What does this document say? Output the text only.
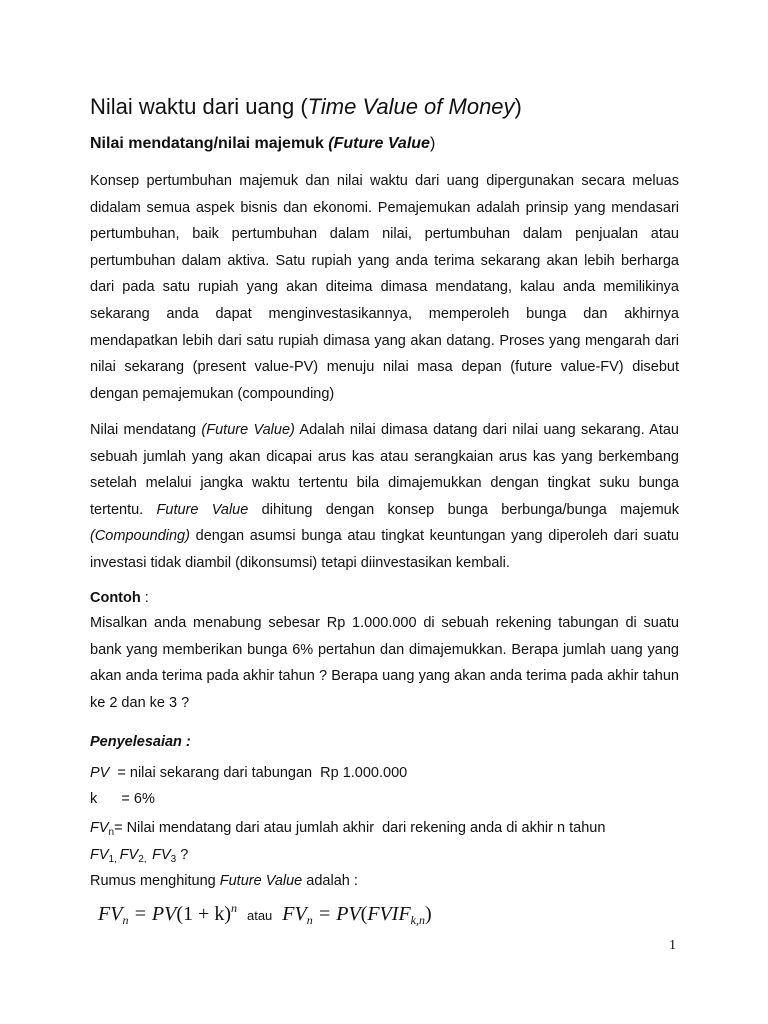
Nilai waktu dari uang (Time Value of Money)
Nilai mendatang/nilai majemuk (Future Value)

Konsep pertumbuhan majemuk dan nilai waktu dari uang dipergunakan secara meluas didalam semua aspek bisnis dan ekonomi. Pemajemukan adalah prinsip yang mendasari pertumbuhan, baik pertumbuhan dalam nilai, pertumbuhan dalam penjualan atau pertumbuhan dalam aktiva. Satu rupiah yang anda terima sekarang akan lebih berharga dari pada satu rupiah yang akan diteima dimasa mendatang, kalau anda memilikinya sekarang anda dapat menginvestasikannya, memperoleh bunga dan akhirnya mendapatkan lebih dari satu rupiah dimasa yang akan datang. Proses yang mengarah dari nilai sekarang (present value-PV) menuju nilai masa depan (future value-FV) disebut dengan pemajemukan (compounding)

Nilai mendatang (Future Value) Adalah nilai dimasa datang dari nilai uang sekarang. Atau sebuah jumlah yang akan dicapai arus kas atau serangkaian arus kas yang berkembang setelah melalui jangka waktu tertentu bila dimajemukkan dengan tingkat suku bunga tertentu. Future Value dihitung dengan konsep bunga berbunga/bunga majemuk (Compounding) dengan asumsi bunga atau tingkat keuntungan yang diperoleh dari suatu investasi tidak diambil (dikonsumsi) tetapi diinvestasikan kembali.

Contoh :

Misalkan anda menabung sebesar Rp 1.000.000 di sebuah rekening tabungan di suatu bank yang memberikan bunga 6% pertahun dan dimajemukkan. Berapa jumlah uang yang akan anda terima pada akhir tahun ? Berapa uang yang akan anda terima pada akhir tahun ke 2 dan ke 3 ?

Penyelesaian :

PV  = nilai sekarang dari tabungan  Rp 1.000.000

k      = 6%

$FV_n=$ Nilai mendatang dari atau jumlah akhir  dari rekening anda di akhir n tahun

$FV_{1,}$ $FV_{2,}$  $FV_3$ ?

Rumus menghitung Future Value adalah :

$FV_n = PV(1 + k)^n$ atau $FV_n$ = $PV(FVIF_{k,n})$
1
